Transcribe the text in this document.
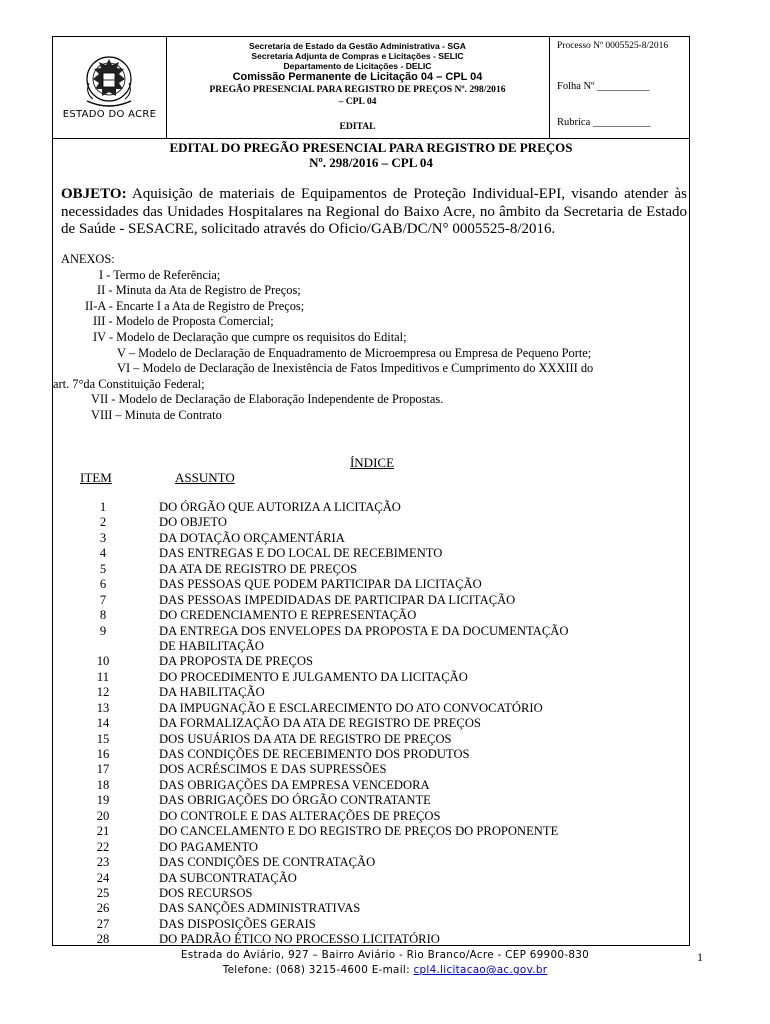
ESTADO DO ACRE
Secretaria de Estado da Gestão Administrativa - SGA
Secretaria Adjunta de Compras e Licitações - SELIC
Departamento de Licitações - DELIC
Comissão Permanente de Licitação 04 – CPL 04
PREGÃO PRESENCIAL PARA REGISTRO DE PREÇOS Nº. 298/2016
– CPL 04
EDITAL
Processo Nº 0005525-8/2016
Folha Nº __________
Rubrica ___________
EDITAL DO PREGÃO PRESENCIAL PARA REGISTRO DE PREÇOS
Nº. 298/2016 – CPL 04
OBJETO: Aquisição de materiais de Equipamentos de Proteção Individual-EPI, visando atender às necessidades das Unidades Hospitalares na Regional do Baixo Acre, no âmbito da Secretaria de Estado de Saúde - SESACRE, solicitado através do Oficio/GAB/DC/N° 0005525-8/2016.
ANEXOS:
I - Termo de Referência;
II - Minuta da Ata de Registro de Preços;
II-A - Encarte I a Ata de Registro de Preços;
III - Modelo de Proposta Comercial;
IV - Modelo de Declaração que cumpre os requisitos do Edital;
V – Modelo de Declaração de Enquadramento de Microempresa ou Empresa de Pequeno Porte;
VI – Modelo de Declaração de Inexistência de Fatos Impeditivos e Cumprimento do XXXIII do
art. 7°da Constituição Federal;
VII - Modelo de Declaração de Elaboração Independente de Propostas.
VIII – Minuta de Contrato
ÍNDICE
ITEM	ASSUNTO
1	DO ÓRGÃO QUE AUTORIZA A LICITAÇÃO
2	DO OBJETO
3	DA DOTAÇÃO ORÇAMENTÁRIA
4	DAS ENTREGAS E DO LOCAL DE RECEBIMENTO
5	DA ATA DE REGISTRO DE PREÇOS
6	DAS PESSOAS QUE PODEM PARTICIPAR DA LICITAÇÃO
7	DAS PESSOAS IMPEDIDADAS DE PARTICIPAR DA LICITAÇÃO
8	DO CREDENCIAMENTO E REPRESENTAÇÃO
9	DA ENTREGA DOS ENVELOPES DA PROPOSTA E DA DOCUMENTAÇÃO
DE HABILITAÇÃO
10	DA PROPOSTA DE PREÇOS
11	DO PROCEDIMENTO E JULGAMENTO DA LICITAÇÃO
12	DA HABILITAÇÃO
13	DA IMPUGNAÇÃO E ESCLARECIMENTO DO ATO CONVOCATÓRIO
14	DA FORMALIZAÇÃO DA ATA DE REGISTRO DE PREÇOS
15	DOS USUÁRIOS DA ATA DE REGISTRO DE PREÇOS
16	DAS CONDIÇÕES DE RECEBIMENTO DOS PRODUTOS
17	DOS ACRÉSCIMOS E DAS SUPRESSÕES
18	DAS OBRIGAÇÕES DA EMPRESA VENCEDORA
19	DAS OBRIGAÇÕES DO ÓRGÃO CONTRATANTE
20	DO CONTROLE E DAS ALTERAÇÕES DE PREÇOS
21	DO CANCELAMENTO E DO REGISTRO DE PREÇOS DO PROPONENTE
22	DO PAGAMENTO
23	DAS CONDIÇÕES DE CONTRATAÇÃO
24	DA SUBCONTRATAÇÃO
25	DOS RECURSOS
26	DAS SANÇÕES ADMINISTRATIVAS
27	DAS DISPOSIÇÕES GERAIS
28	DO PADRÃO ÉTICO NO PROCESSO LICITATÓRIO
Estrada do Aviário, 927 – Bairro Aviário - Rio Branco/Acre - CEP 69900-830
Telefone: (068) 3215-4600 E-mail: cpl4.licitacao@ac.gov.br
1
